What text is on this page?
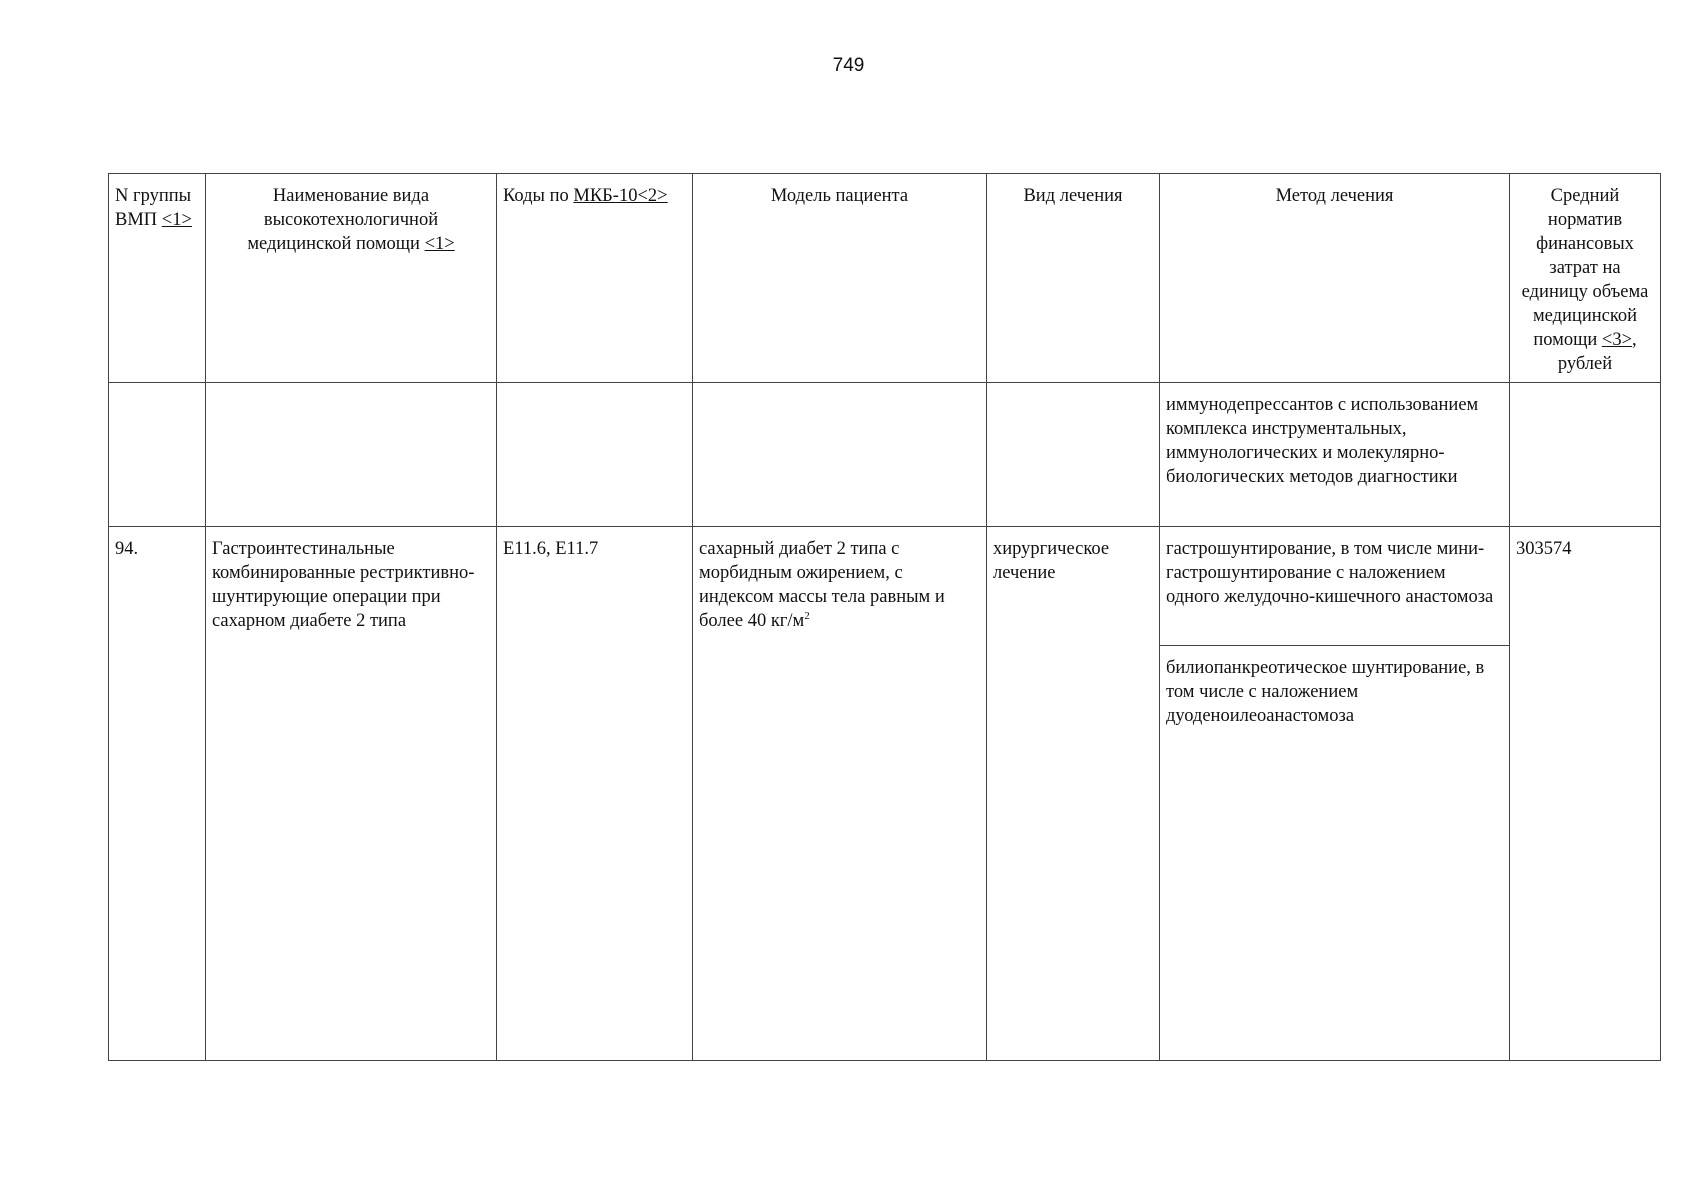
749
N группы ВМП <1>	Наименование вида высокотехнологичной медицинской помощи <1>	Коды по МКБ-10<2>	Модель пациента	Вид лечения	Метод лечения	Средний норматив финансовых затрат на единицу объема медицинской помощи <3>, рублей
					иммунодепрессантов с использованием комплекса инструментальных, иммунологических и молекулярно-биологических методов диагностики	
94.	Гастроинтестинальные комбинированные рестриктивно-шунтирующие операции при сахарном диабете 2 типа	E11.6, E11.7	сахарный диабет 2 типа с морбидным ожирением, с индексом массы тела равным и более 40 $кг/м^2$	хирургическое лечение	гастрошунтирование, в том числе мини-гастрошунтирование с наложением одного желудочно-кишечного анастомоза	303574
					билиопанкреотическое шунтирование, в том числе с наложением дуоденоилеоанастомоза	
